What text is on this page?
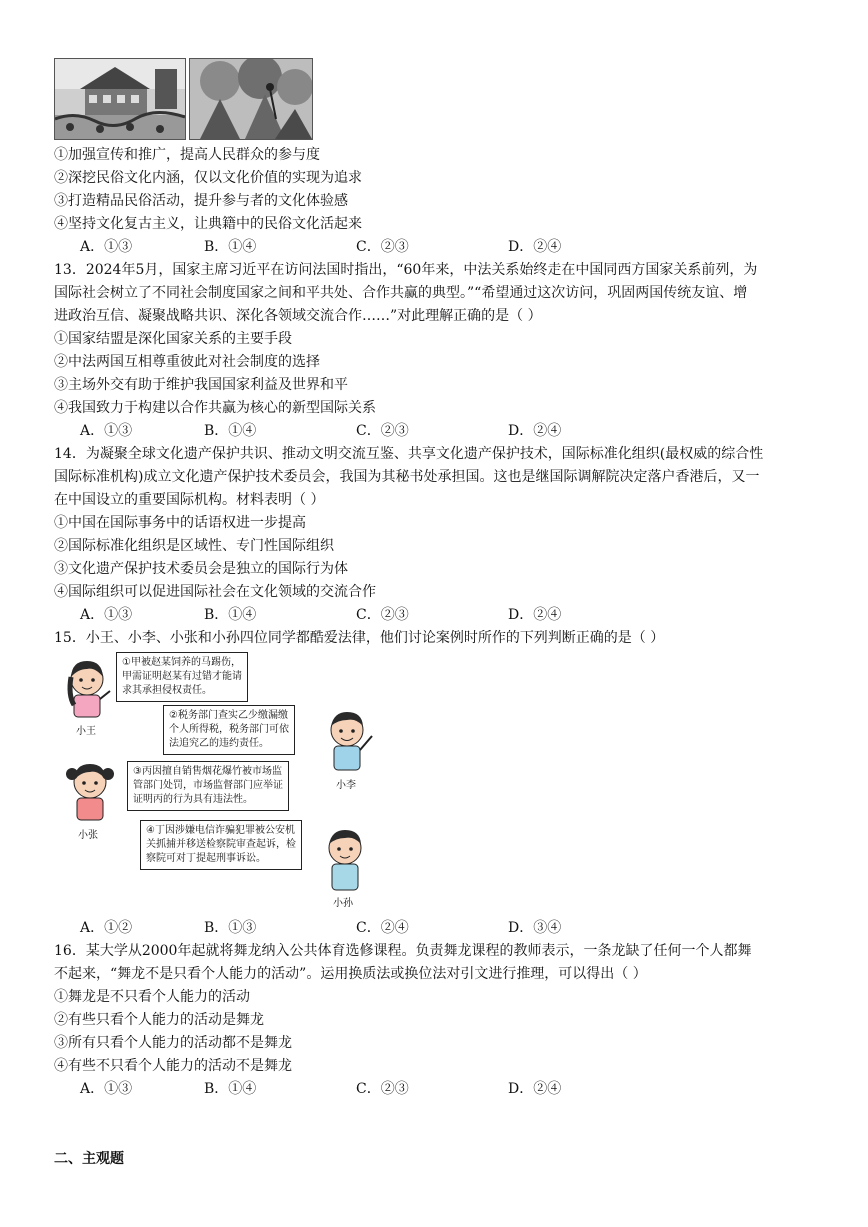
①加强宣传和推广，提高人民群众的参与度
②深挖民俗文化内涵，仅以文化价值的实现为追求
③打造精品民俗活动，提升参与者的文化体验感
④坚持文化复古主义，让典籍中的民俗文化活起来
A．①③	B．①④	C．②③	D．②④
13．2024年5月，国家主席习近平在访问法国时指出，“60年来，中法关系始终走在中国同西方国家关系前列，为
国际社会树立了不同社会制度国家之间和平共处、合作共赢的典型。”“希望通过这次访问，巩固两国传统友谊、增
进政治互信、凝聚战略共识、深化各领域交流合作……”对此理解正确的是（ ）
①国家结盟是深化国家关系的主要手段
②中法两国互相尊重彼此对社会制度的选择
③主场外交有助于维护我国国家利益及世界和平
④我国致力于构建以合作共赢为核心的新型国际关系
A．①③	B．①④	C．②③	D．②④
14．为凝聚全球文化遗产保护共识、推动文明交流互鉴、共享文化遗产保护技术，国际标准化组织(最权威的综合性
国际标准机构)成立文化遗产保护技术委员会，我国为其秘书处承担国。这也是继国际调解院决定落户香港后，又一
在中国设立的重要国际机构。材料表明（ ）
①中国在国际事务中的话语权进一步提高
②国际标准化组织是区域性、专门性国际组织
③文化遗产保护技术委员会是独立的国际行为体
④国际组织可以促进国际社会在文化领域的交流合作
A．①③	B．①④	C．②③	D．②④
15．小王、小李、小张和小孙四位同学都酷爱法律，他们讨论案例时所作的下列判断正确的是（ ）
小王
①甲被赵某饲养的马踢伤，
甲需证明赵某有过错才能请
求其承担侵权责任。
②税务部门查实乙少缴漏缴
个人所得税，税务部门可依
法追究乙的违约责任。
小李
小张
③丙因擅自销售烟花爆竹被市场监
管部门处罚，市场监督部门应举证
证明丙的行为具有违法性。
④丁因涉嫌电信诈骗犯罪被公安机
关抓捕并移送检察院审查起诉，检
察院可对丁提起刑事诉讼。
小孙
A．①②	B．①③	C．②④	D．③④
16．某大学从2000年起就将舞龙纳入公共体育选修课程。负责舞龙课程的教师表示，一条龙缺了任何一个人都舞
不起来，“舞龙不是只看个人能力的活动”。运用换质法或换位法对引文进行推理，可以得出（ ）
①舞龙是不只看个人能力的活动
②有些只看个人能力的活动是舞龙
③所有只看个人能力的活动都不是舞龙
④有些不只看个人能力的活动不是舞龙
A．①③	B．①④	C．②③	D．②④
二、主观题
